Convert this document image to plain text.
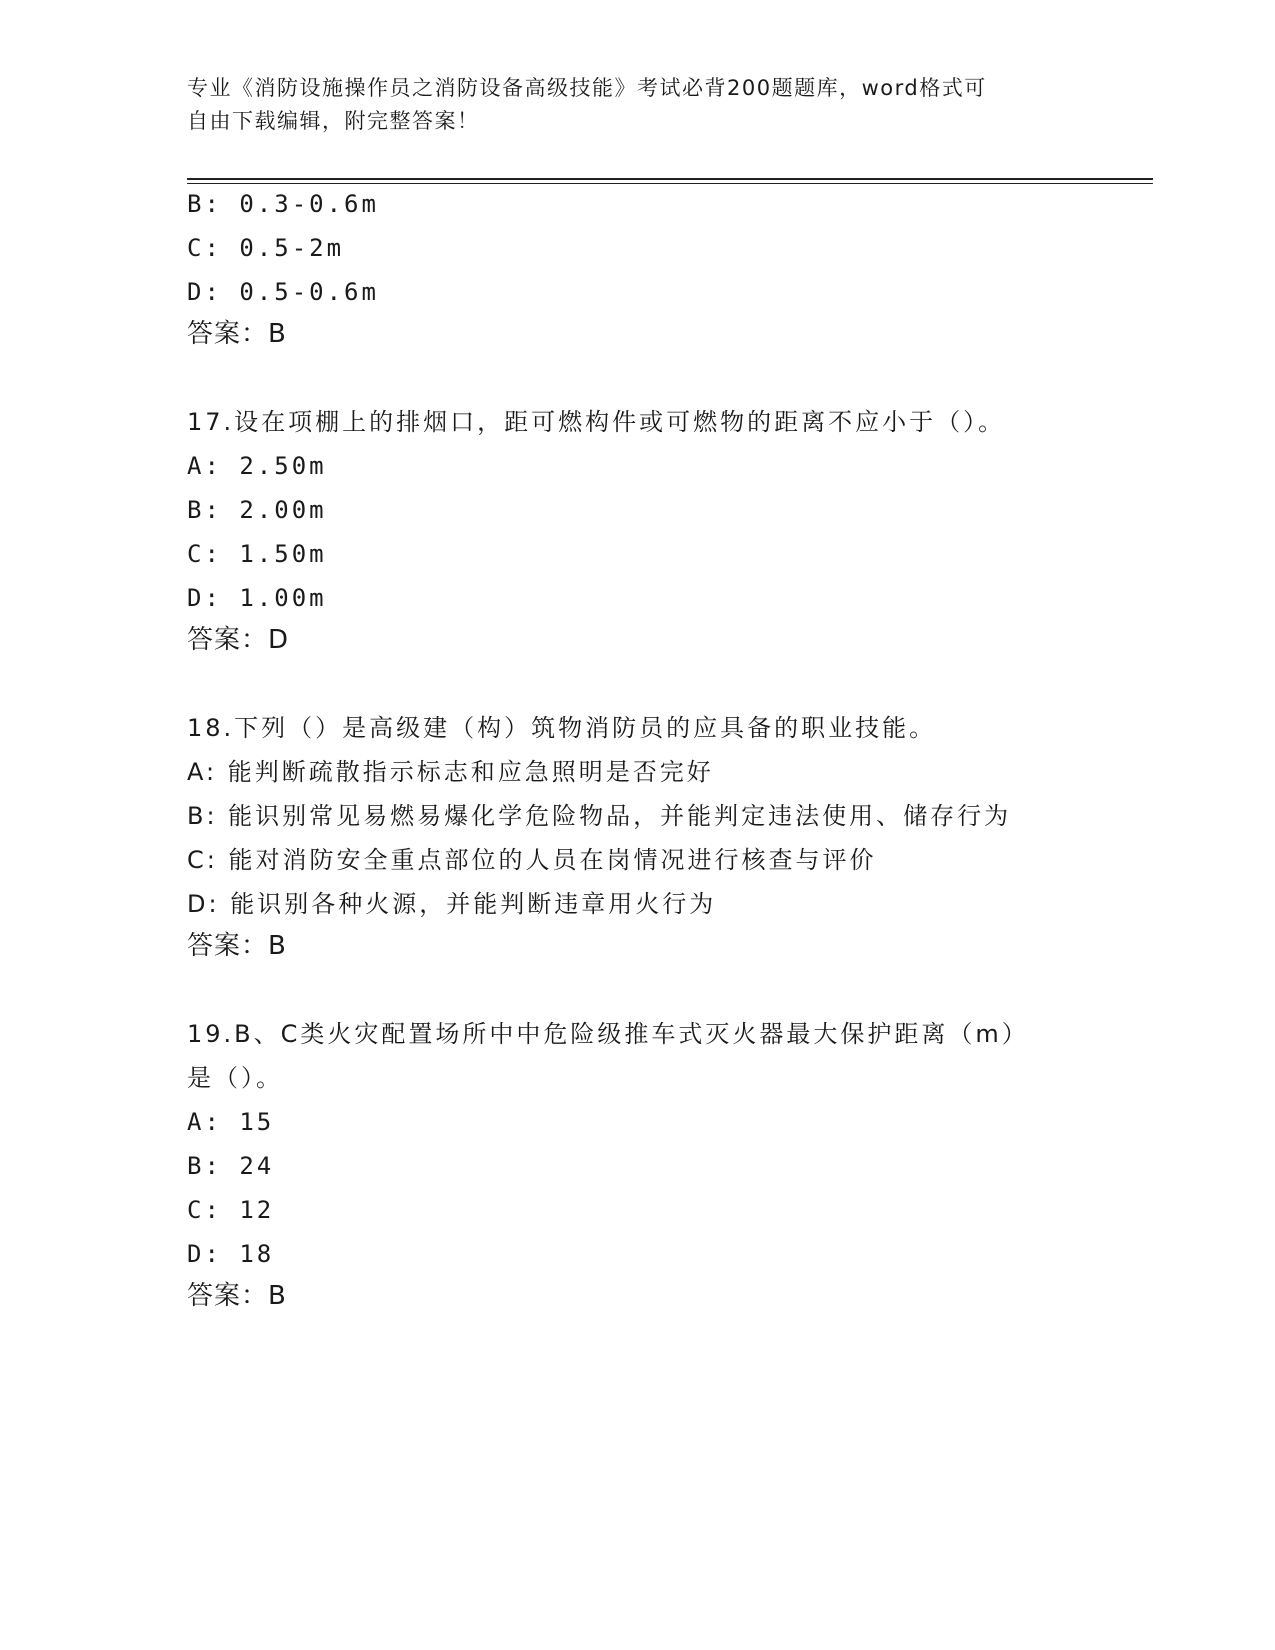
专业《消防设施操作员之消防设备高级技能》考试必背200题题库，word格式可
自由下载编辑，附完整答案！
B: 0.3-0.6m
C: 0.5-2m
D: 0.5-0.6m
答案：B
17.设在项棚上的排烟口，距可燃构件或可燃物的距离不应小于（）。
A: 2.50m
B: 2.00m
C: 1.50m
D: 1.00m
答案：D
18.下列（）是高级建（构）筑物消防员的应具备的职业技能。
A: 能判断疏散指示标志和应急照明是否完好
B: 能识别常见易燃易爆化学危险物品，并能判定违法使用、储存行为
C: 能对消防安全重点部位的人员在岗情况进行核查与评价
D: 能识别各种火源，并能判断违章用火行为
答案：B
19.B、C类火灾配置场所中中危险级推车式灭火器最大保护距离（m）
是（）。
A: 15
B: 24
C: 12
D: 18
答案：B
